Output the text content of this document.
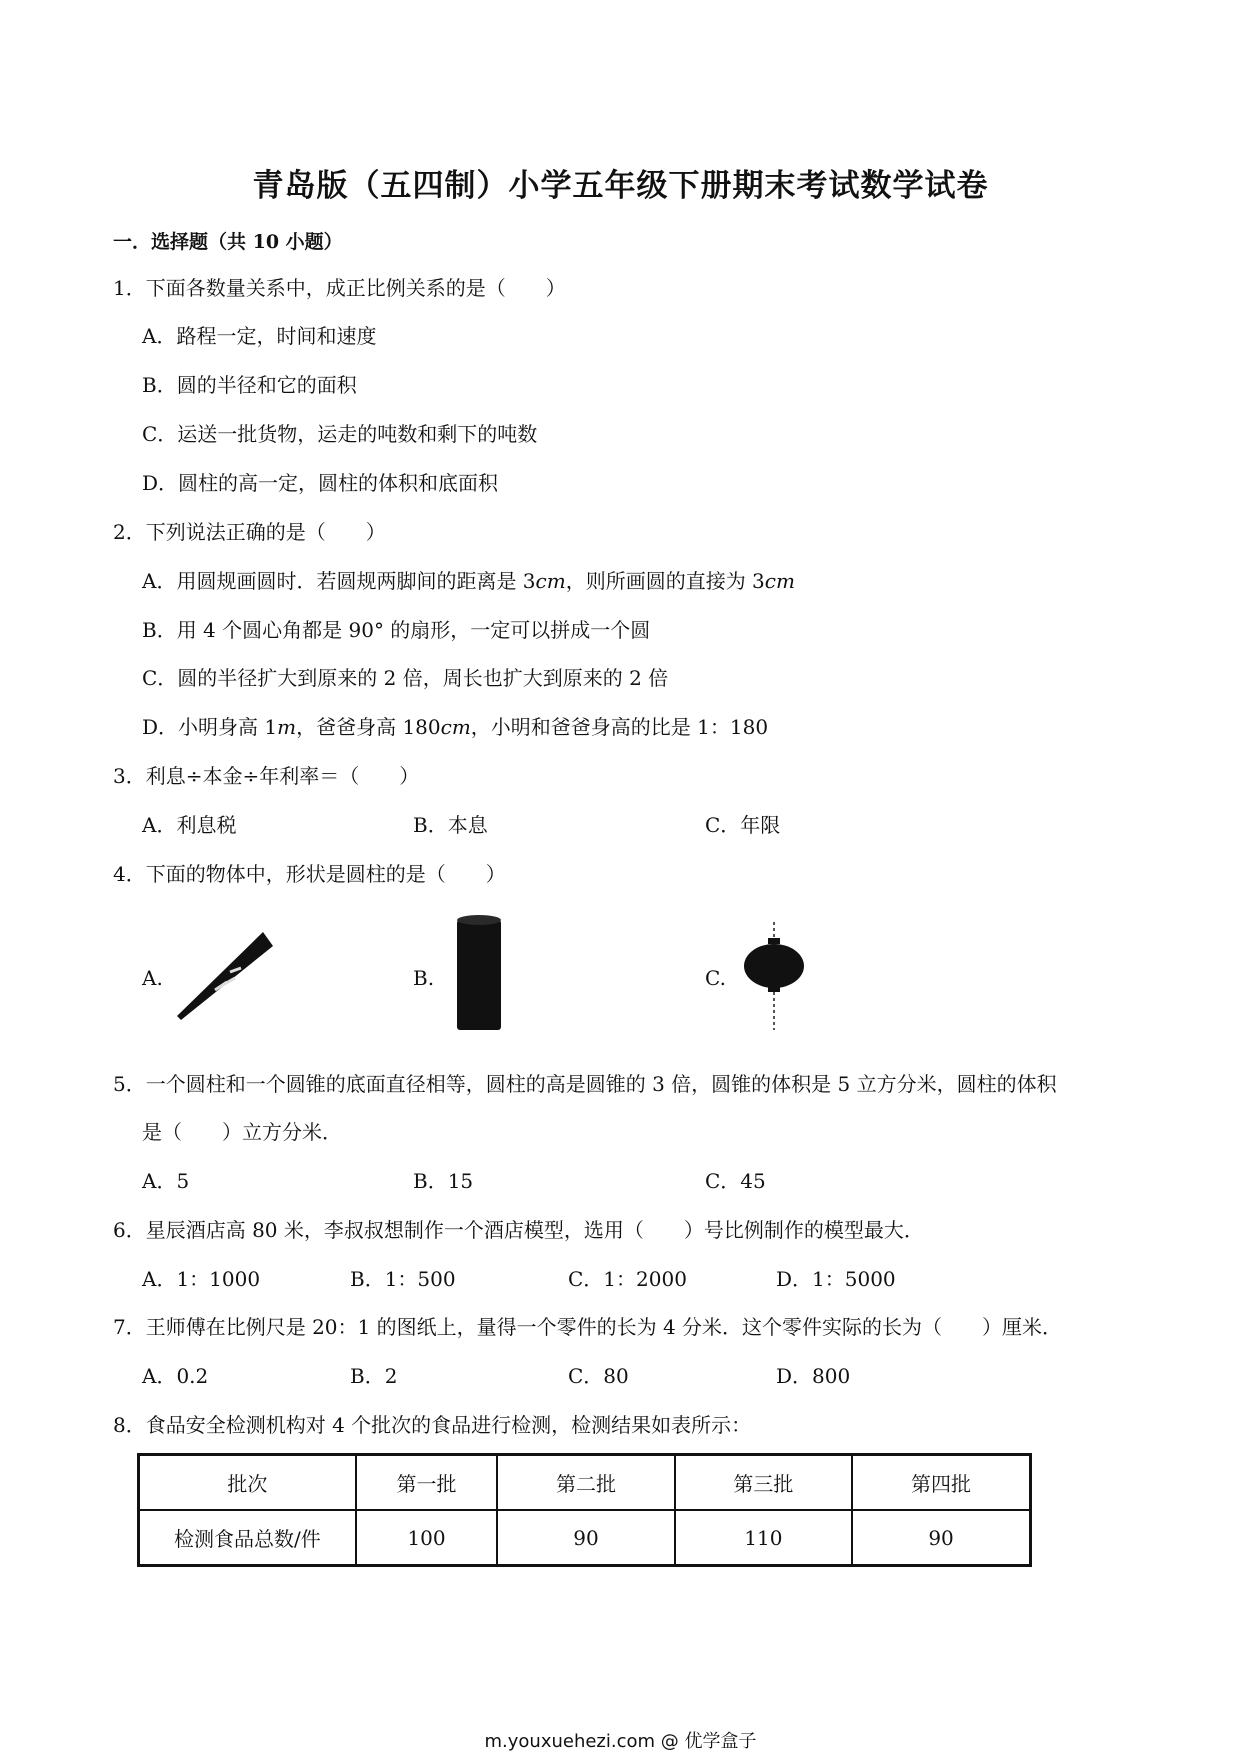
青岛版（五四制）小学五年级下册期末考试数学试卷
一．选择题（共 10 小题）
1．下面各数量关系中，成正比例关系的是（　　）
A．路程一定，时间和速度
B．圆的半径和它的面积
C．运送一批货物，运走的吨数和剩下的吨数
D．圆柱的高一定，圆柱的体积和底面积
2．下列说法正确的是（　　）
A．用圆规画圆时．若圆规两脚间的距离是 3cm，则所画圆的直接为 3cm
B．用 4 个圆心角都是 90° 的扇形，一定可以拼成一个圆
C．圆的半径扩大到原来的 2 倍，周长也扩大到原来的 2 倍
D．小明身高 1m，爸爸身高 180cm，小明和爸爸身高的比是 1：180
3．利息÷本金÷年利率＝（　　）
A．利息税	B．本息	C．年限
4．下面的物体中，形状是圆柱的是（　　）
A.	B.	C.
5．一个圆柱和一个圆锥的底面直径相等，圆柱的高是圆锥的 3 倍，圆锥的体积是 5 立方分米，圆柱的体积
是（　　）立方分米．
A．5	B．15	C．45
6．星辰酒店高 80 米，李叔叔想制作一个酒店模型，选用（　　）号比例制作的模型最大．
A．1：1000	B．1：500	C．1：2000	D．1：5000
7．王师傅在比例尺是 20：1 的图纸上，量得一个零件的长为 4 分米．这个零件实际的长为（　　）厘米．
A．0.2	B．2	C．80	D．800
8．食品安全检测机构对 4 个批次的食品进行检测，检测结果如表所示：
批次	第一批	第二批	第三批	第四批
检测食品总数/件	100	90	110	90
m.youxuehezi.com @ 优学盒子
